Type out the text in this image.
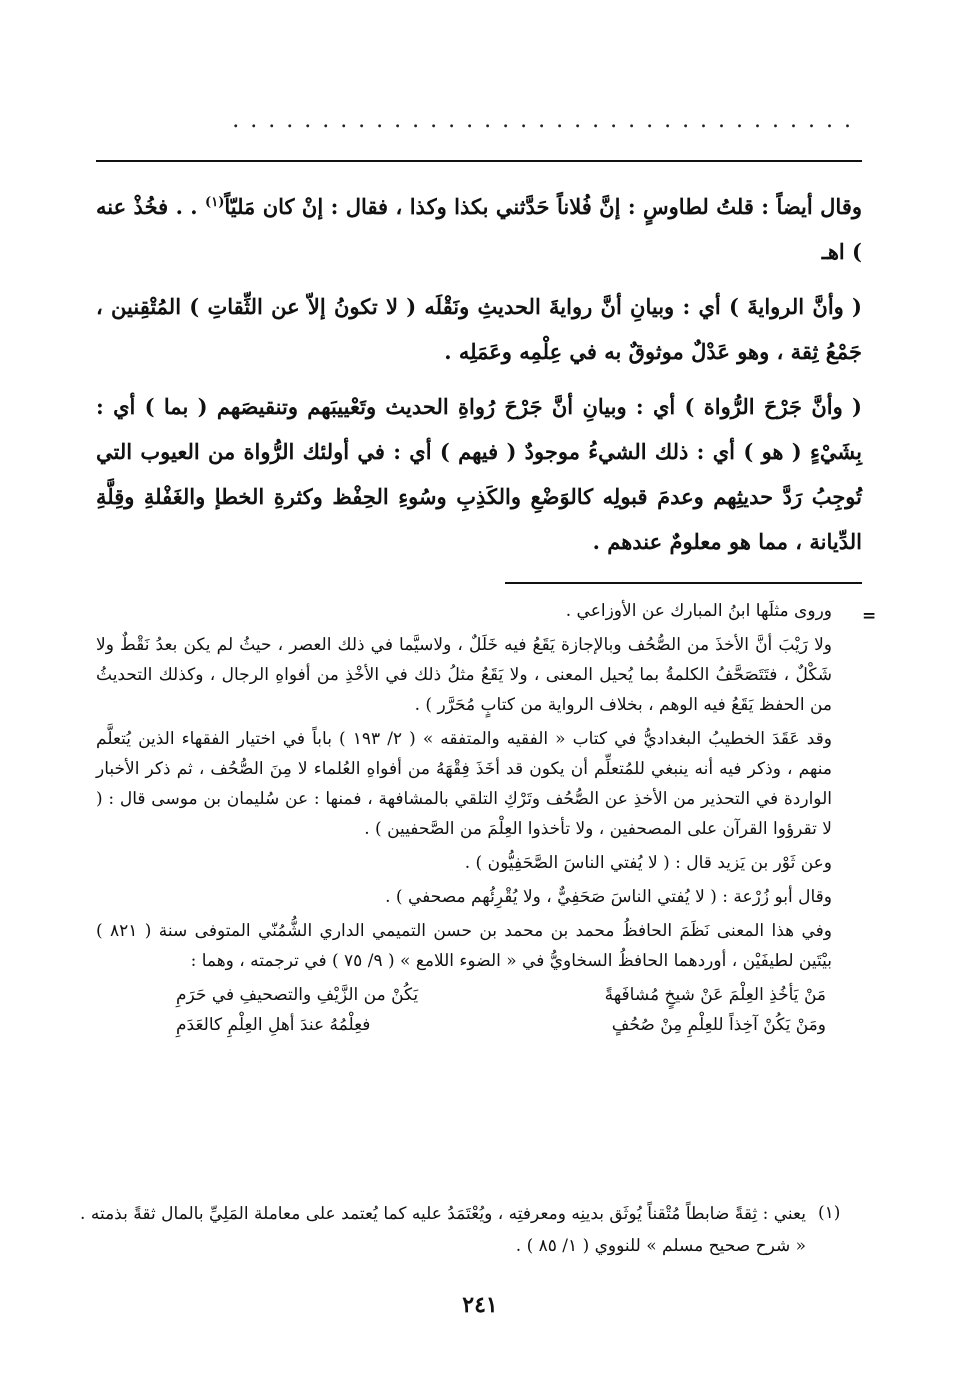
...................................

وقال أيضاً : قلتُ لطاوسٍ : إنَّ فُلاناً حَدَّثني بكذا وكذا ، فقال : إنْ كان مَليّاً$^{(١)}$ . . فخُذْ عنه ) اهـ

( وأنَّ الروايةَ ) أي : وبيانِ أنَّ روايةَ الحديثِ ونَقْلَه ( لا تكونُ إلاّ عن الثِّقاتِ ) المُتْقِنين ، جَمْعُ ثِقة ، وهو عَدْلٌ موثوقٌ به في عِلْمِه وعَمَلِه .

( وأنَّ جَرْحَ الرُّواة ) أي : وبيانِ أنَّ جَرْحَ رُواةِ الحديث وتَعْييبَهم وتنقيصَهم ( بما ) أي : بِشَيْءٍ ( هو ) أي : ذلك الشيءُ موجودٌ ( فيهم ) أي : في أولئك الرُّواة من العيوب التي تُوجِبُ رَدَّ حديثِهم وعدمَ قبولِه كالوَضْعِ والكَذِبِ وسُوءِ الحِفْظ وكثرةِ الخطإ والغَفْلةِ وقِلَّةِ الدِّيانة ، مما هو معلومٌ عندهم .

=

وروى مثلَها ابنُ المبارك عن الأوزاعي .

ولا رَيْبَ أنَّ الأخذَ من الصُّحُف وبالإجازة يَقَعُ فيه خَلَلٌ ، ولاسيَّما في ذلك العصر ، حيثُ لم يكن بعدُ نَقْطٌ ولا شَكْلٌ ، فتَتَصَحَّفُ الكلمةُ بما يُحيل المعنى ، ولا يَقَعُ مثلُ ذلك في الأخْذِ من أفواهِ الرجال ، وكذلك التحديثُ من الحفظ يَقَعُ فيه الوهم ، بخلاف الرواية من كتابٍ مُحَرَّر ) .

وقد عَقَدَ الخطيبُ البغداديُّ في كتاب « الفقيه والمتفقه » ( ٢/ ١٩٣ ) باباً في اختيار الفقهاء الذين يُتعلَّم منهم ، وذكر فيه أنه ينبغي للمُتعلِّم أن يكون قد أخَذَ فِقْهَهُ من أفواهِ العُلماء لا مِنَ الصُّحُف ، ثم ذكر الأخبار الواردة في التحذير من الأخذِ عن الصُّحُف وتَرْكِ التلقي بالمشافهة ، فمنها : عن سُليمان بن موسى قال : ( لا تقرؤوا القرآن على المصحفين ، ولا تأخذوا العِلْمَ من الصَّحفيين ) .

وعن ثَوْر بن يَزيد قال : ( لا يُفتي الناسَ الصَّحَفِيُّون ) .

وقال أبو زُرْعة : ( لا يُفتي الناسَ صَحَفِيٌّ ، ولا يُقْرِئُهم مصحفي ) .

وفي هذا المعنى نَظَمَ الحافظُ محمد بن محمد بن حسن التميمي الداري الشُّمُنّي المتوفى سنة ( ٨٢١ ) بيْتَين لطيفَيْن ، أوردهما الحافظُ السخاويُّ في « الضوء اللامع » ( ٩/ ٧٥ ) في ترجمته ، وهما :

مَنْ يَأخُذِ العِلْمَ عَنْ شيخٍ مُشافَهةً
يَكُنْ من الزَّيْفِ والتصحيفِ في حَرَمِ
ومَنْ يَكُنْ آخِذاً للعِلْمِ مِنْ صُحُفٍ
فعِلْمُهُ عندَ أهلِ العِلْمِ كالعَدَمِ
(١)
يعني : ثِقةً ضابطاً مُتْقناً يُوثَق بدينِه ومعرفتِه ، ويُعْتَمَدُ عليه كما يُعتمد على معاملة المَلِيِّ بالمال ثقةً بذمته . « شرح صحيح مسلم » للنووي ( ١/ ٨٥ ) .
٢٤١
